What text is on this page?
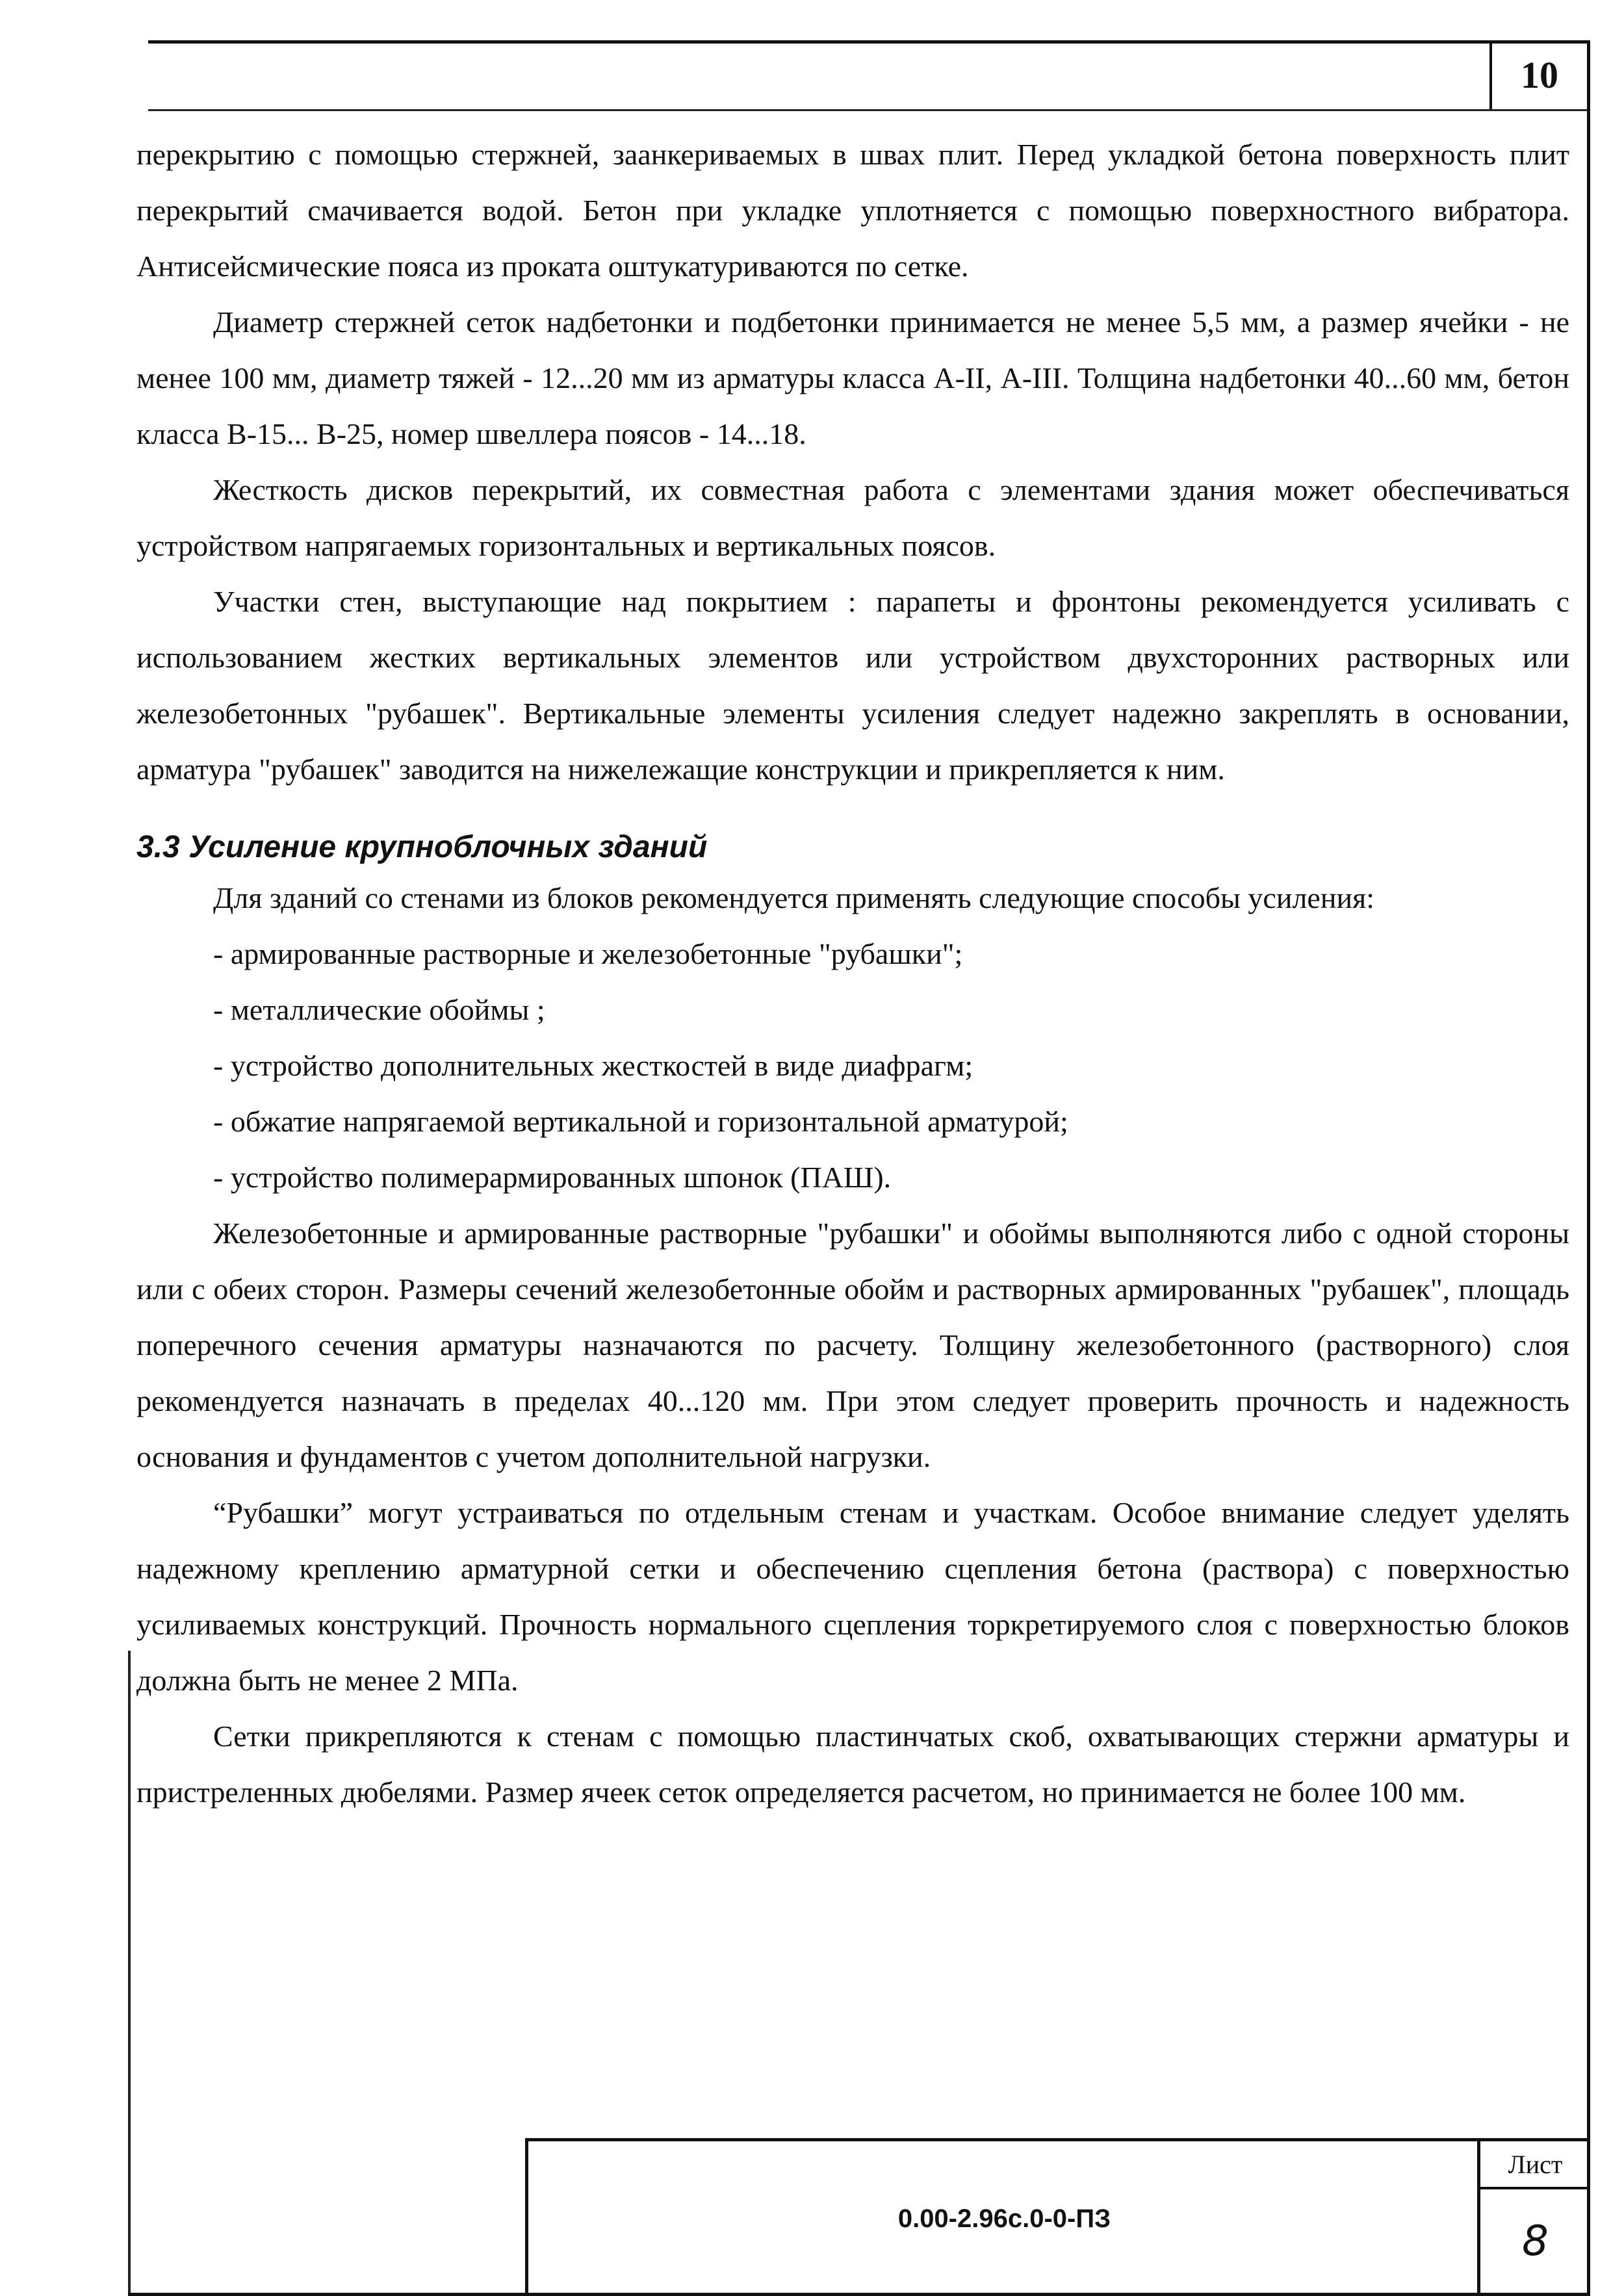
10

перекрытию с помощью стержней, заанкериваемых в швах плит. Перед укладкой бетона поверхность плит перекрытий смачивается водой. Бетон при укладке уплотняется с помощью поверхностного вибратора. Антисейсмические пояса из проката оштукатуриваются по сетке.

Диаметр стержней сеток надбетонки и подбетонки принимается не менее 5,5 мм, а размер ячейки - не менее 100 мм, диаметр тяжей - 12...20 мм из арматуры класса А-II, А-III. Толщина надбетонки 40...60 мм, бетон класса В-15... В-25, номер швеллера поясов - 14...18.

Жесткость дисков перекрытий, их совместная работа с элементами здания может обеспечиваться устройством напрягаемых горизонтальных и вертикальных поясов.

Участки стен, выступающие над покрытием : парапеты и фронтоны рекомендуется усиливать с использованием жестких вертикальных элементов или устройством двухсторонних растворных или железобетонных "рубашек". Вертикальные элементы усиления следует надежно закреплять в основании, арматура "рубашек" заводится на нижележащие конструкции и прикрепляется к ним.

3.3 Усиление крупноблочных зданий

Для зданий со стенами из блоков рекомендуется применять следующие способы усиления:

- армированные растворные и железобетонные "рубашки";

- металлические обоймы ;

- устройство дополнительных жесткостей в виде диафрагм;

- обжатие напрягаемой вертикальной и горизонтальной арматурой;

- устройство полимерармированных шпонок (ПАШ).

Железобетонные и армированные растворные "рубашки" и обоймы выполняются либо с одной стороны или с обеих сторон. Размеры сечений железобетонные обойм и растворных армированных "рубашек", площадь поперечного сечения арматуры назначаются по расчету. Толщину железобетонного (растворного) слоя рекомендуется назначать в пределах 40...120 мм. При этом следует проверить прочность и надежность основания и фундаментов с учетом дополнительной нагрузки.

“Рубашки” могут устраиваться по отдельным стенам и участкам. Особое внимание следует уделять надежному креплению арматурной сетки и обеспечению сцепления бетона (раствора) с поверхностью усиливаемых конструкций. Прочность нормального сцепления торкретируемого слоя с поверхностью блоков должна быть не менее 2 МПа.

Сетки прикрепляются к стенам с помощью пластинчатых скоб, охватывающих стержни арматуры и пристреленных дюбелями. Размер ячеек сеток определяется расчетом, но принимается не более 100 мм.

0.00-2.96с.0-0-ПЗ
Лист
8
